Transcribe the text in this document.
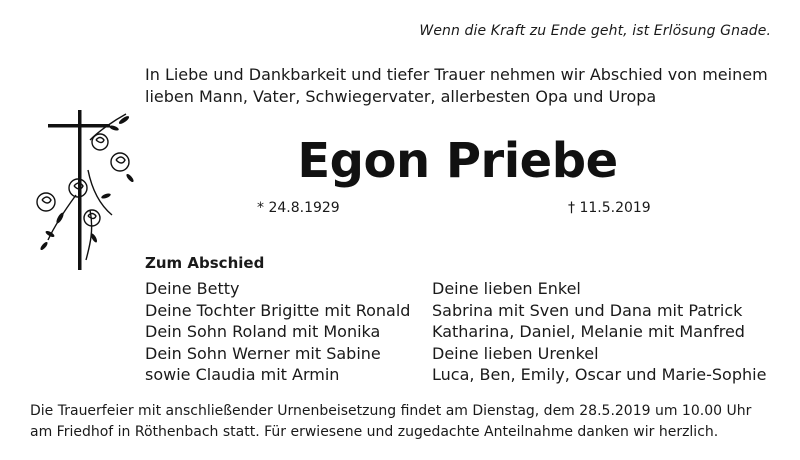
Wenn die Kraft zu Ende geht, ist Erlösung Gnade.
In Liebe und Dankbarkeit und tiefer Trauer nehmen wir Abschied von meinem
lieben Mann, Vater, Schwiegervater, allerbesten Opa und Uropa
Egon Priebe
* 24.8.1929	† 11.5.2019
Zum Abschied
Deine Betty
Deine Tochter Brigitte mit Ronald
Dein Sohn Roland mit Monika
Dein Sohn Werner mit Sabine
sowie Claudia mit Armin
Deine lieben Enkel
Sabrina mit Sven und Dana mit Patrick
Katharina, Daniel, Melanie mit Manfred
Deine lieben Urenkel
Luca, Ben, Emily, Oscar und Marie-Sophie
Die Trauerfeier mit anschließender Urnenbeisetzung findet am Dienstag, dem 28.5.2019 um 10.00 Uhr
am Friedhof in Röthenbach statt. Für erwiesene und zugedachte Anteilnahme danken wir herzlich.
